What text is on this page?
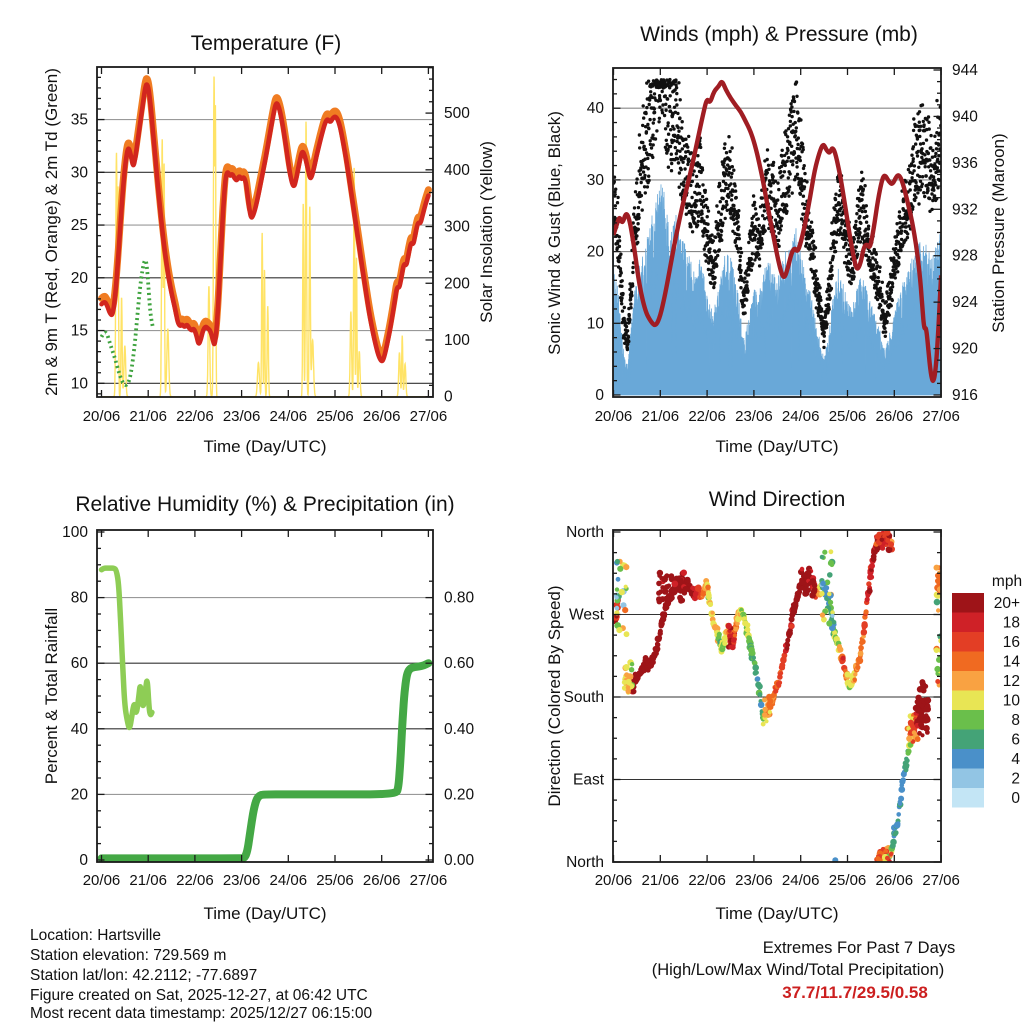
10
15
20
25
30
35
0
100
200
300
400
500
20/06 21/06 22/06 23/06 24/06 25/06 26/06 27/06
0
10
20
30
40
916
920
924
928
932
936
940
944
20/06 21/06 22/06 23/06 24/06 25/06 26/06 27/06
0
20
40
60
80
100
0.00
0.20
0.40
0.60
0.80
20/06 21/06 22/06 23/06 24/06 25/06 26/06 27/06
North
West
South
East
North
20/06 21/06 22/06 23/06 24/06 25/06 26/06 27/06
mph
20+
18
16
14
12
10
8
6
4
2
0
Temperature (F)	Winds (mph) & Pressure (mb)
Relative Humidity (%) & Precipitation (in)	Wind Direction
2m & 9m T (Red, Orange) & 2m Td (Green)	Solar Insolation (Yellow)
Time (Day/UTC)
Sonic Wind & Gust (Blue, Black)	Station Pressure (Maroon)
Time (Day/UTC)
Percent & Total Rainfall
Time (Day/UTC)
Direction (Colored By Speed)
Time (Day/UTC)
Location: Hartsville
Station elevation: 729.569 m
Station lat/lon: 42.2112; -77.6897
Figure created on Sat, 2025-12-27, at 06:42 UTC
Most recent data timestamp: 2025/12/27 06:15:00
Extremes For Past 7 Days
(High/Low/Max Wind/Total Precipitation)
37.7/11.7/29.5/0.58
